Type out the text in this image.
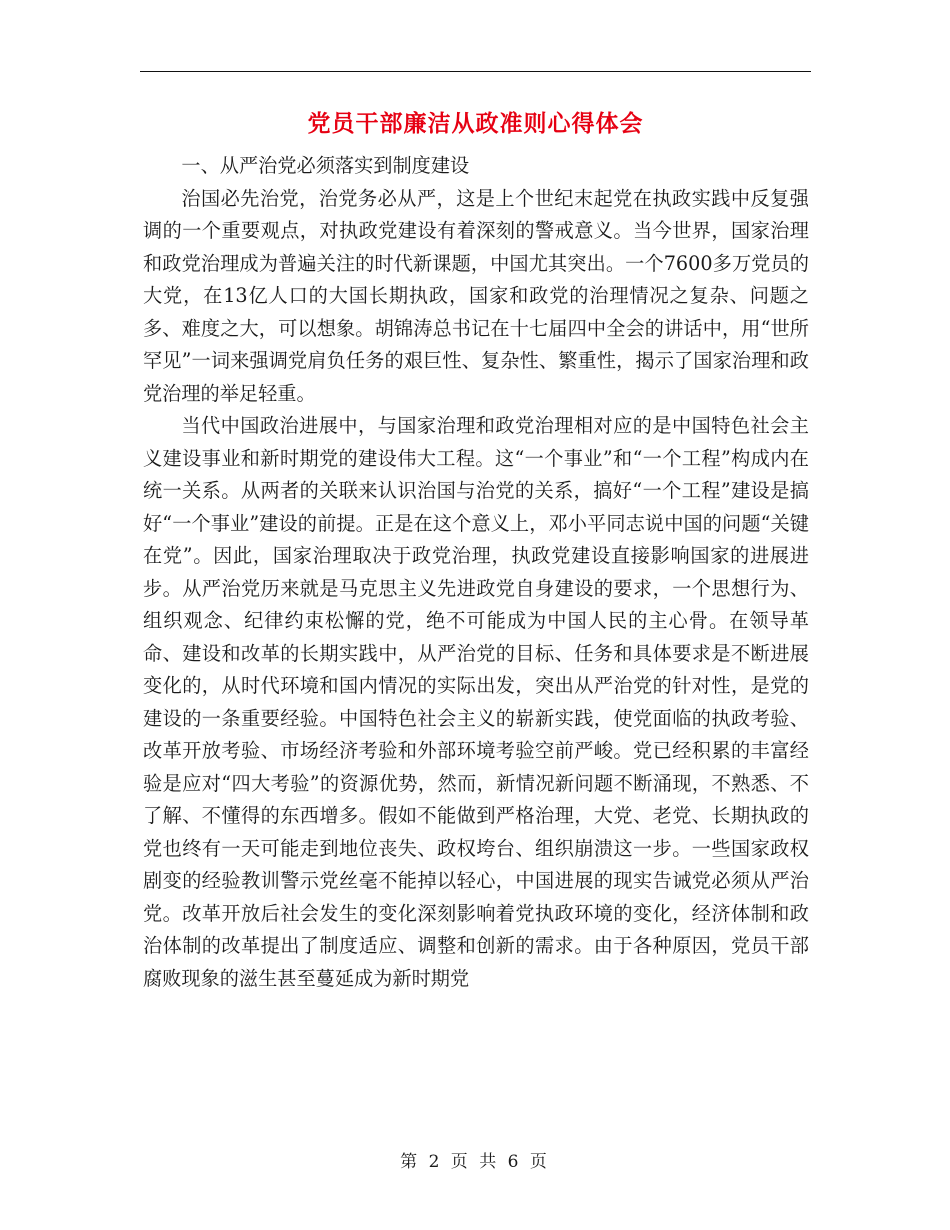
党员干部廉洁从政准则心得体会

一、从严治党必须落实到制度建设

治国必先治党，治党务必从严，这是上个世纪末起党在执政实践中反复强调的一个重要观点，对执政党建设有着深刻的警戒意义。当今世界，国家治理和政党治理成为普遍关注的时代新课题，中国尤其突出。一个7600多万党员的大党，在13亿人口的大国长期执政，国家和政党的治理情况之复杂、问题之多、难度之大，可以想象。胡锦涛总书记在十七届四中全会的讲话中，用“世所罕见”一词来强调党肩负任务的艰巨性、复杂性、繁重性，揭示了国家治理和政党治理的举足轻重。

当代中国政治进展中，与国家治理和政党治理相对应的是中国特色社会主义建设事业和新时期党的建设伟大工程。这“一个事业”和“一个工程”构成内在统一关系。从两者的关联来认识治国与治党的关系，搞好“一个工程”建设是搞好“一个事业”建设的前提。正是在这个意义上，邓小平同志说中国的问题“关键在党”。因此，国家治理取决于政党治理，执政党建设直接影响国家的进展进步。从严治党历来就是马克思主义先进政党自身建设的要求，一个思想行为、组织观念、纪律约束松懈的党，绝不可能成为中国人民的主心骨。在领导革命、建设和改革的长期实践中，从严治党的目标、任务和具体要求是不断进展变化的，从时代环境和国内情况的实际出发，突出从严治党的针对性，是党的建设的一条重要经验。中国特色社会主义的崭新实践，使党面临的执政考验、改革开放考验、市场经济考验和外部环境考验空前严峻。党已经积累的丰富经验是应对“四大考验”的资源优势，然而，新情况新问题不断涌现，不熟悉、不了解、不懂得的东西增多。假如不能做到严格治理，大党、老党、长期执政的党也终有一天可能走到地位丧失、政权垮台、组织崩溃这一步。一些国家政权剧变的经验教训警示党丝毫不能掉以轻心，中国进展的现实告诫党必须从严治党。改革开放后社会发生的变化深刻影响着党执政环境的变化，经济体制和政治体制的改革提出了制度适应、调整和创新的需求。由于各种原因，党员干部腐败现象的滋生甚至蔓延成为新时期党

第 2 页 共 6 页
